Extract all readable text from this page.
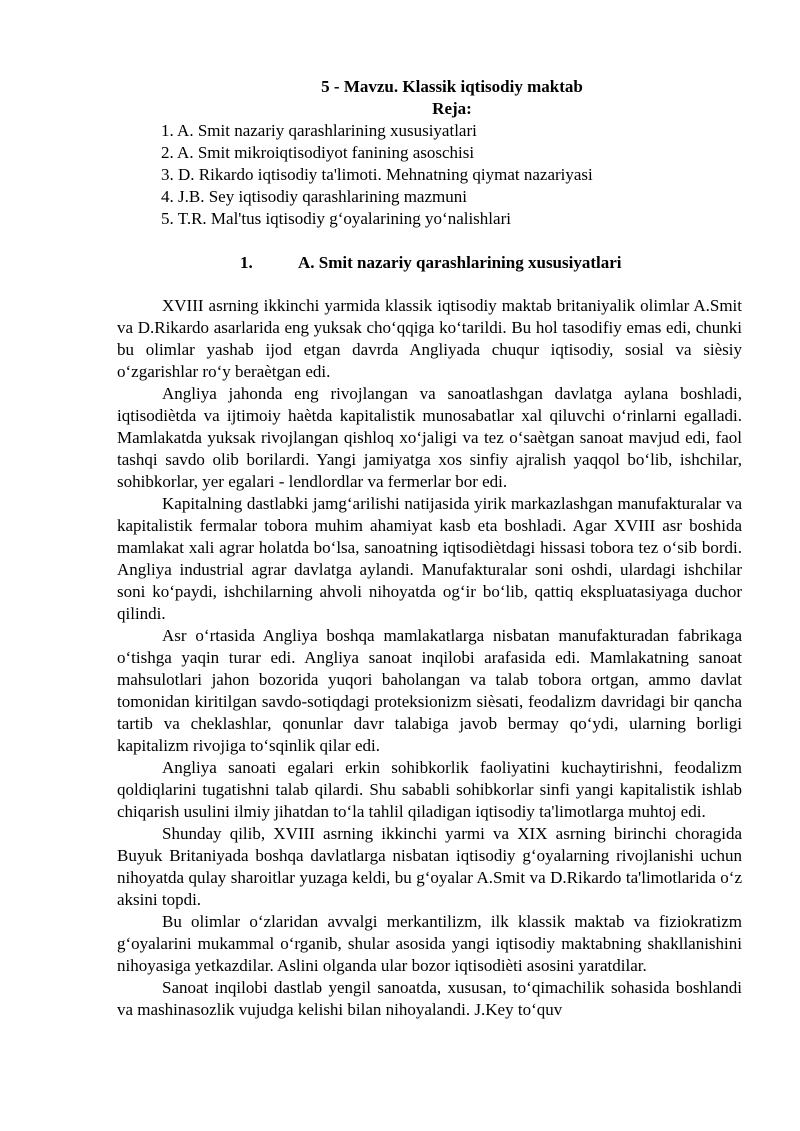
5 - Mavzu. Klassik iqtisodiy maktab
Reja:
1. A. Smit nazariy qarashlarining xususiyatlari
2. A. Smit mikroiqtisodiyot fanining asoschisi
3. D. Rikardo iqtisodiy ta'limoti. Mehnatning qiymat nazariyasi
4. J.B. Sey iqtisodiy qarashlarining mazmuni
5. T.R. Mal'tus iqtisodiy g‘oyalarining yo‘nalishlari
1.	A. Smit nazariy qarashlarining xususiyatlari

XVIII asrning ikkinchi yarmida klassik iqtisodiy maktab britaniyalik olimlar A.Smit va D.Rikardo asarlarida eng yuksak cho‘qqiga ko‘tarildi. Bu hol tasodifiy emas edi, chunki bu olimlar yashab ijod etgan davrda Angliyada chuqur iqtisodiy, sosial va siѐsiy o‘zgarishlar ro‘y beraѐtgan edi.

Angliya jahonda eng rivojlangan va sanoatlashgan davlatga aylana boshladi, iqtisodiѐtda va ijtimoiy haѐtda kapitalistik munosabatlar xal qiluvchi o‘rinlarni egalladi. Mamlakatda yuksak rivojlangan qishloq xo‘jaligi va tez o‘saѐtgan sanoat mavjud edi, faol tashqi savdo olib borilardi. Yangi jamiyatga xos sinfiy ajralish yaqqol bo‘lib, ishchilar, sohibkorlar, yer egalari - lendlordlar va fermerlar bor edi.

Kapitalning dastlabki jamg‘arilishi natijasida yirik markazlashgan manufakturalar va kapitalistik fermalar tobora muhim ahamiyat kasb eta boshladi. Agar XVIII asr boshida mamlakat xali agrar holatda bo‘lsa, sanoatning iqtisodiѐtdagi hissasi tobora tez o‘sib bordi. Angliya industrial agrar davlatga aylandi. Manufakturalar soni oshdi, ulardagi ishchilar soni ko‘paydi, ishchilarning ahvoli nihoyatda og‘ir bo‘lib, qattiq ekspluatasiyaga duchor qilindi.

Asr o‘rtasida Angliya boshqa mamlakatlarga nisbatan manufakturadan fabrikaga o‘tishga yaqin turar edi. Angliya sanoat inqilobi arafasida edi. Mamlakatning sanoat mahsulotlari jahon bozorida yuqori baholangan va talab tobora ortgan, ammo davlat tomonidan kiritilgan savdo-sotiqdagi proteksionizm siѐsati, feodalizm davridagi bir qancha tartib va cheklashlar, qonunlar davr talabiga javob bermay qo‘ydi, ularning borligi kapitalizm rivojiga to‘sqinlik qilar edi.

Angliya sanoati egalari erkin sohibkorlik faoliyatini kuchaytirishni, feodalizm qoldiqlarini tugatishni talab qilardi. Shu sababli sohibkorlar sinfi yangi kapitalistik ishlab chiqarish usulini ilmiy jihatdan to‘la tahlil qiladigan iqtisodiy ta'limotlarga muhtoj edi.

Shunday qilib, XVIII asrning ikkinchi yarmi va XIX asrning birinchi choragida Buyuk Britaniyada boshqa davlatlarga nisbatan iqtisodiy g‘oyalarning rivojlanishi uchun nihoyatda qulay sharoitlar yuzaga keldi, bu g‘oyalar A.Smit va D.Rikardo ta'limotlarida o‘z aksini topdi.

Bu olimlar o‘zlaridan avvalgi merkantilizm, ilk klassik maktab va fiziokratizm g‘oyalarini mukammal o‘rganib, shular asosida yangi iqtisodiy maktabning shakllanishini nihoyasiga yetkazdilar. Aslini olganda ular bozor iqtisodiѐti asosini yaratdilar.

Sanoat inqilobi dastlab yengil sanoatda, xususan, to‘qimachilik sohasida boshlandi va mashinasozlik vujudga kelishi bilan nihoyalandi. J.Key to‘quv
